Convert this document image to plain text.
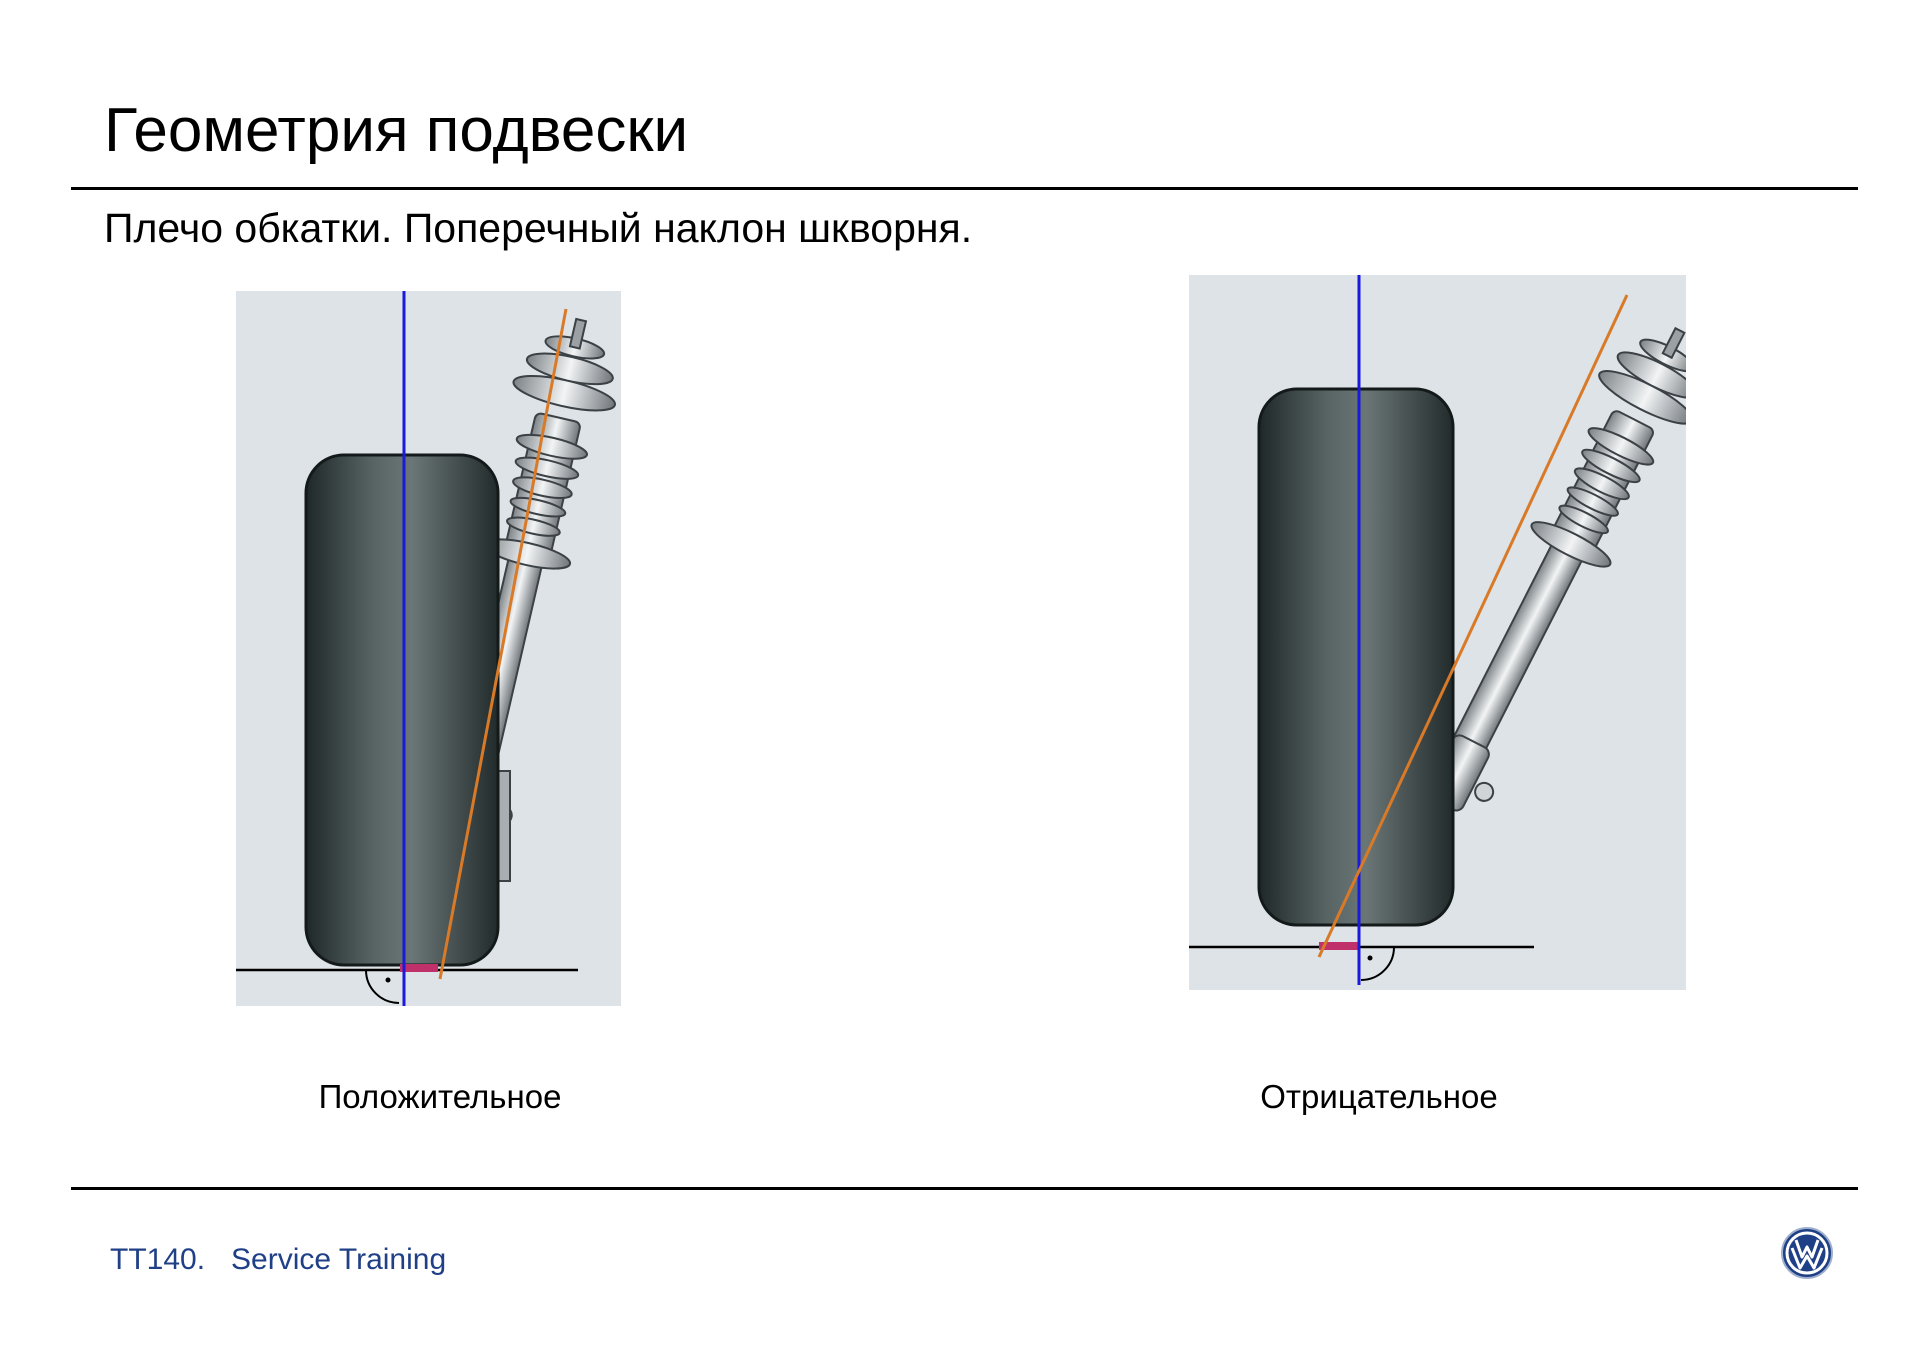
Геометрия подвески
Плечо обкатки. Поперечный наклон шкворня.
Положительное	Отрицательное
TT140. Service Training
